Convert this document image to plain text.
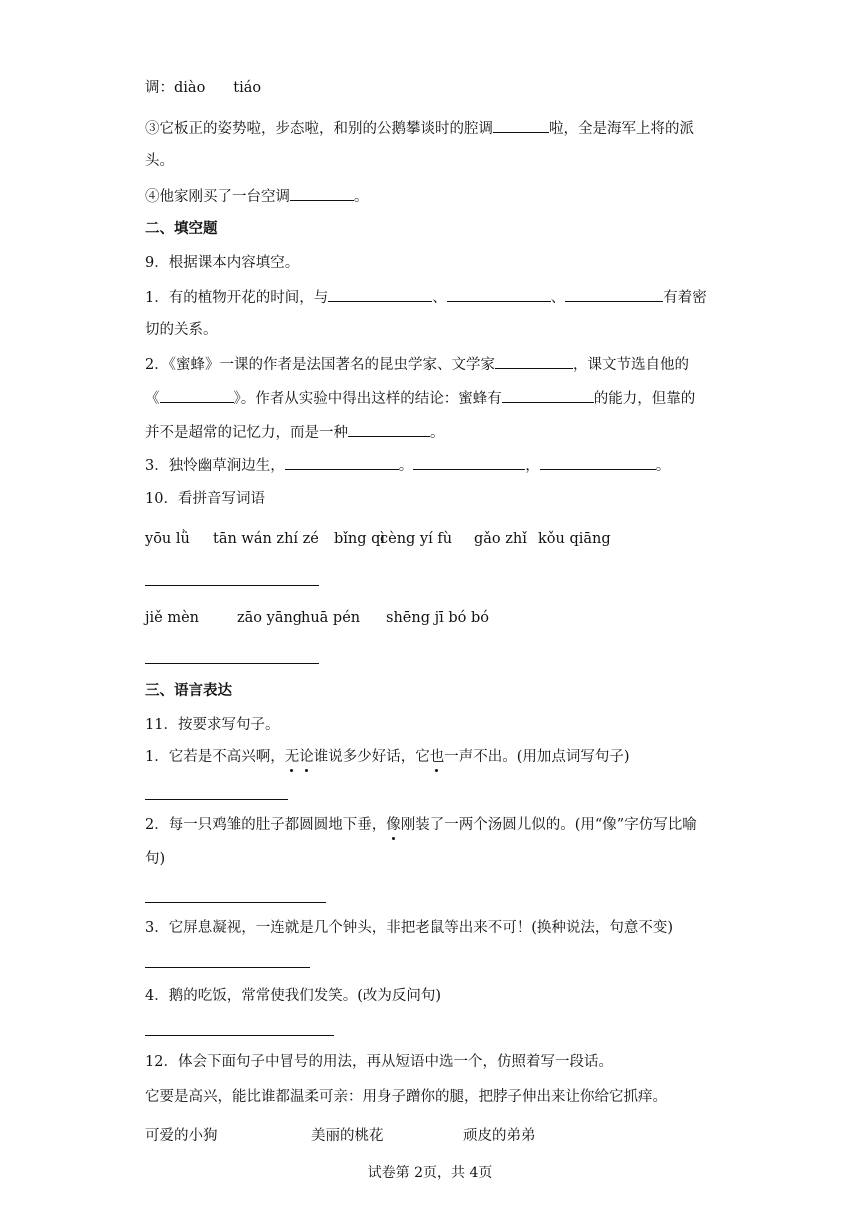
调：diào tiáo
③它板正的姿势啦，步态啦，和别的公鹅攀谈时的腔调	啦，全是海军上将的派
头。
④他家刚买了一台空调	。
二、填空题
9．根据课本内容填空。
1．有的植物开花的时间，与	、	、	有着密
切的关系。
2．《蜜蜂》一课的作者是法国著名的昆虫学家、文学家	，课文节选自他的
《	》。作者从实验中得出这样的结论：蜜蜂有	的能力，但靠的
并不是超常的记忆力，而是一种	。
3．独怜幽草涧边生，	。	，	。
10．看拼音写词语
yōu lǜ tān wán zhí zé bǐng qìcèng yí fù gǎo zhǐ kǒu qiāng
jiě mèn	zāo yānghuā pén shēng jī bó bó
三、语言表达
11．按要求写句子。
1．它若是不高兴啊，无论谁说多少好话，它也一声不出。(用加点词写句子)
2．每一只鸡雏的肚子都圆圆地下垂，像刚装了一两个汤圆儿似的。(用“像”字仿写比喻
句)
3．它屏息凝视，一连就是几个钟头，非把老鼠等出来不可！(换种说法，句意不变)
4．鹅的吃饭，常常使我们发笑。(改为反问句)
12．体会下面句子中冒号的用法，再从短语中选一个，仿照着写一段话。
它要是高兴，能比谁都温柔可亲：用身子蹭你的腿，把脖子伸出来让你给它抓痒。
可爱的小狗	美丽的桃花	顽皮的弟弟
试卷第 2页，共 4页
